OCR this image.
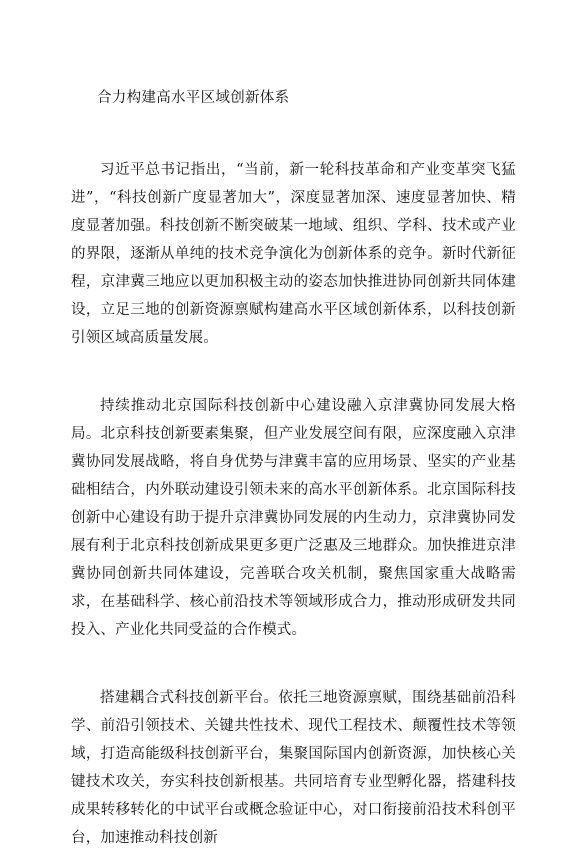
合力构建高水平区域创新体系

习近平总书记指出，“当前，新一轮科技革命和产业变革突飞猛进”，“科技创新广度显著加大”，深度显著加深、速度显著加快、精度显著加强。科技创新不断突破某一地域、组织、学科、技术或产业的界限，逐渐从单纯的技术竞争演化为创新体系的竞争。新时代新征程，京津冀三地应以更加积极主动的姿态加快推进协同创新共同体建设，立足三地的创新资源禀赋构建高水平区域创新体系，以科技创新引领区域高质量发展。

持续推动北京国际科技创新中心建设融入京津冀协同发展大格局。北京科技创新要素集聚，但产业发展空间有限，应深度融入京津冀协同发展战略，将自身优势与津冀丰富的应用场景、坚实的产业基础相结合，内外联动建设引领未来的高水平创新体系。北京国际科技创新中心建设有助于提升京津冀协同发展的内生动力，京津冀协同发展有利于北京科技创新成果更多更广泛惠及三地群众。加快推进京津冀协同创新共同体建设，完善联合攻关机制，聚焦国家重大战略需求，在基础科学、核心前沿技术等领域形成合力，推动形成研发共同投入、产业化共同受益的合作模式。

搭建耦合式科技创新平台。依托三地资源禀赋，围绕基础前沿科学、前沿引领技术、关键共性技术、现代工程技术、颠覆性技术等领域，打造高能级科技创新平台，集聚国际国内创新资源，加快核心关键技术攻关，夯实科技创新根基。共同培育专业型孵化器，搭建科技成果转移转化的中试平台或概念验证中心，对口衔接前沿技术科创平台，加速推动科技创新
